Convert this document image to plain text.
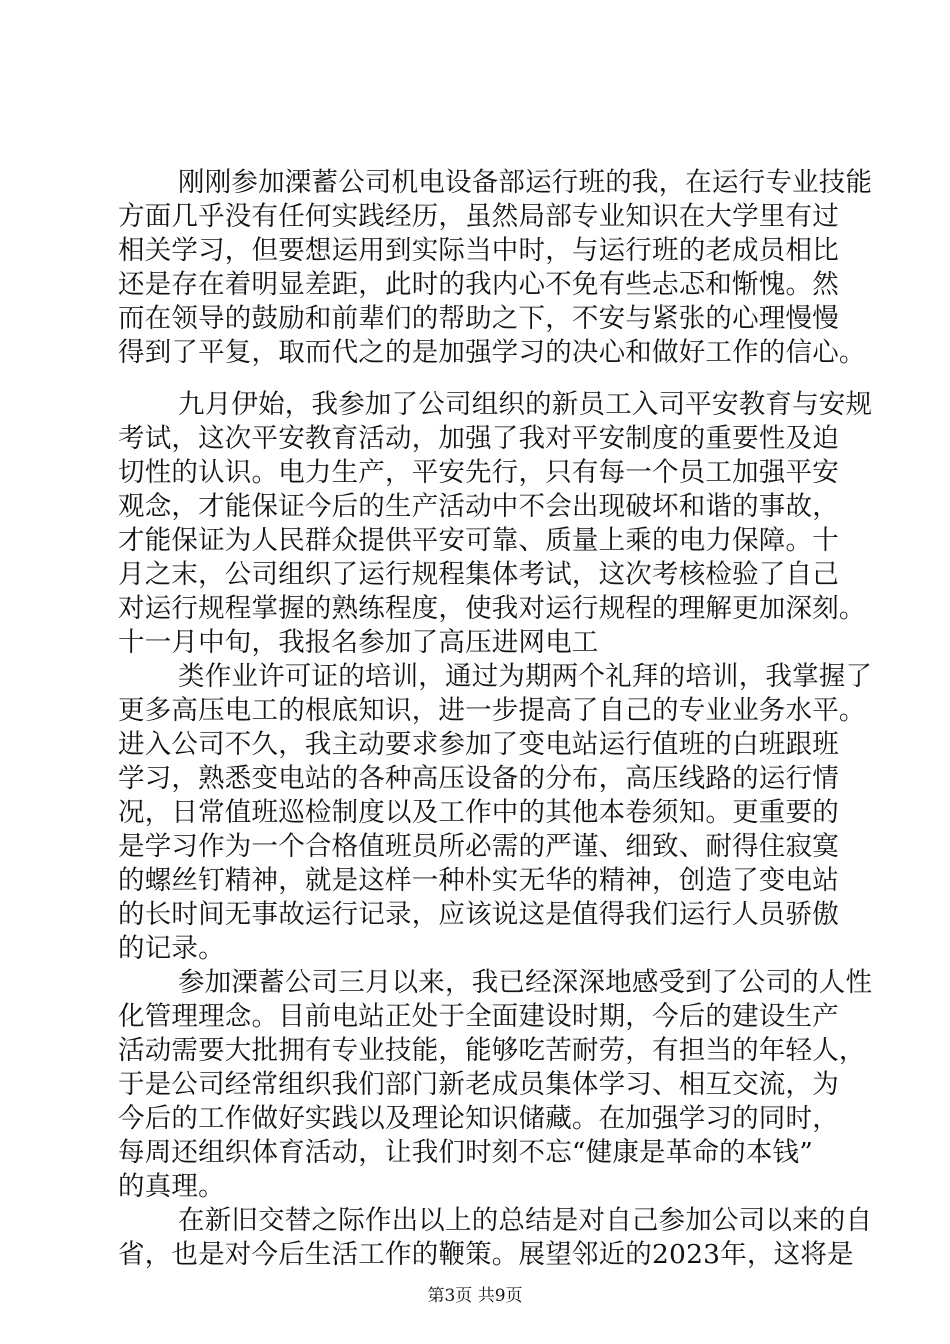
刚刚参加溧蓄公司机电设备部运行班的我，在运行专业技能
方面几乎没有任何实践经历，虽然局部专业知识在大学里有过
相关学习，但要想运用到实际当中时，与运行班的老成员相比
还是存在着明显差距，此时的我内心不免有些忐忑和惭愧。然
而在领导的鼓励和前辈们的帮助之下，不安与紧张的心理慢慢
得到了平复，取而代之的是加强学习的决心和做好工作的信心。
九月伊始，我参加了公司组织的新员工入司平安教育与安规
考试，这次平安教育活动，加强了我对平安制度的重要性及迫
切性的认识。电力生产，平安先行，只有每一个员工加强平安
观念，才能保证今后的生产活动中不会出现破坏和谐的事故，
才能保证为人民群众提供平安可靠、质量上乘的电力保障。十
月之末，公司组织了运行规程集体考试，这次考核检验了自己
对运行规程掌握的熟练程度，使我对运行规程的理解更加深刻。
十一月中旬，我报名参加了高压进网电工
类作业许可证的培训，通过为期两个礼拜的培训，我掌握了
更多高压电工的根底知识，进一步提高了自己的专业业务水平。
进入公司不久，我主动要求参加了变电站运行值班的白班跟班
学习，熟悉变电站的各种高压设备的分布，高压线路的运行情
况，日常值班巡检制度以及工作中的其他本卷须知。更重要的
是学习作为一个合格值班员所必需的严谨、细致、耐得住寂寞
的螺丝钉精神，就是这样一种朴实无华的精神，创造了变电站
的长时间无事故运行记录，应该说这是值得我们运行人员骄傲
的记录。
参加溧蓄公司三月以来，我已经深深地感受到了公司的人性
化管理理念。目前电站正处于全面建设时期，今后的建设生产
活动需要大批拥有专业技能，能够吃苦耐劳，有担当的年轻人，
于是公司经常组织我们部门新老成员集体学习、相互交流，为
今后的工作做好实践以及理论知识储藏。在加强学习的同时，
每周还组织体育活动，让我们时刻不忘“健康是革命的本钱”
的真理。
在新旧交替之际作出以上的总结是对自己参加公司以来的自
省，也是对今后生活工作的鞭策。展望邻近的2023年，这将是
第3页 共9页
